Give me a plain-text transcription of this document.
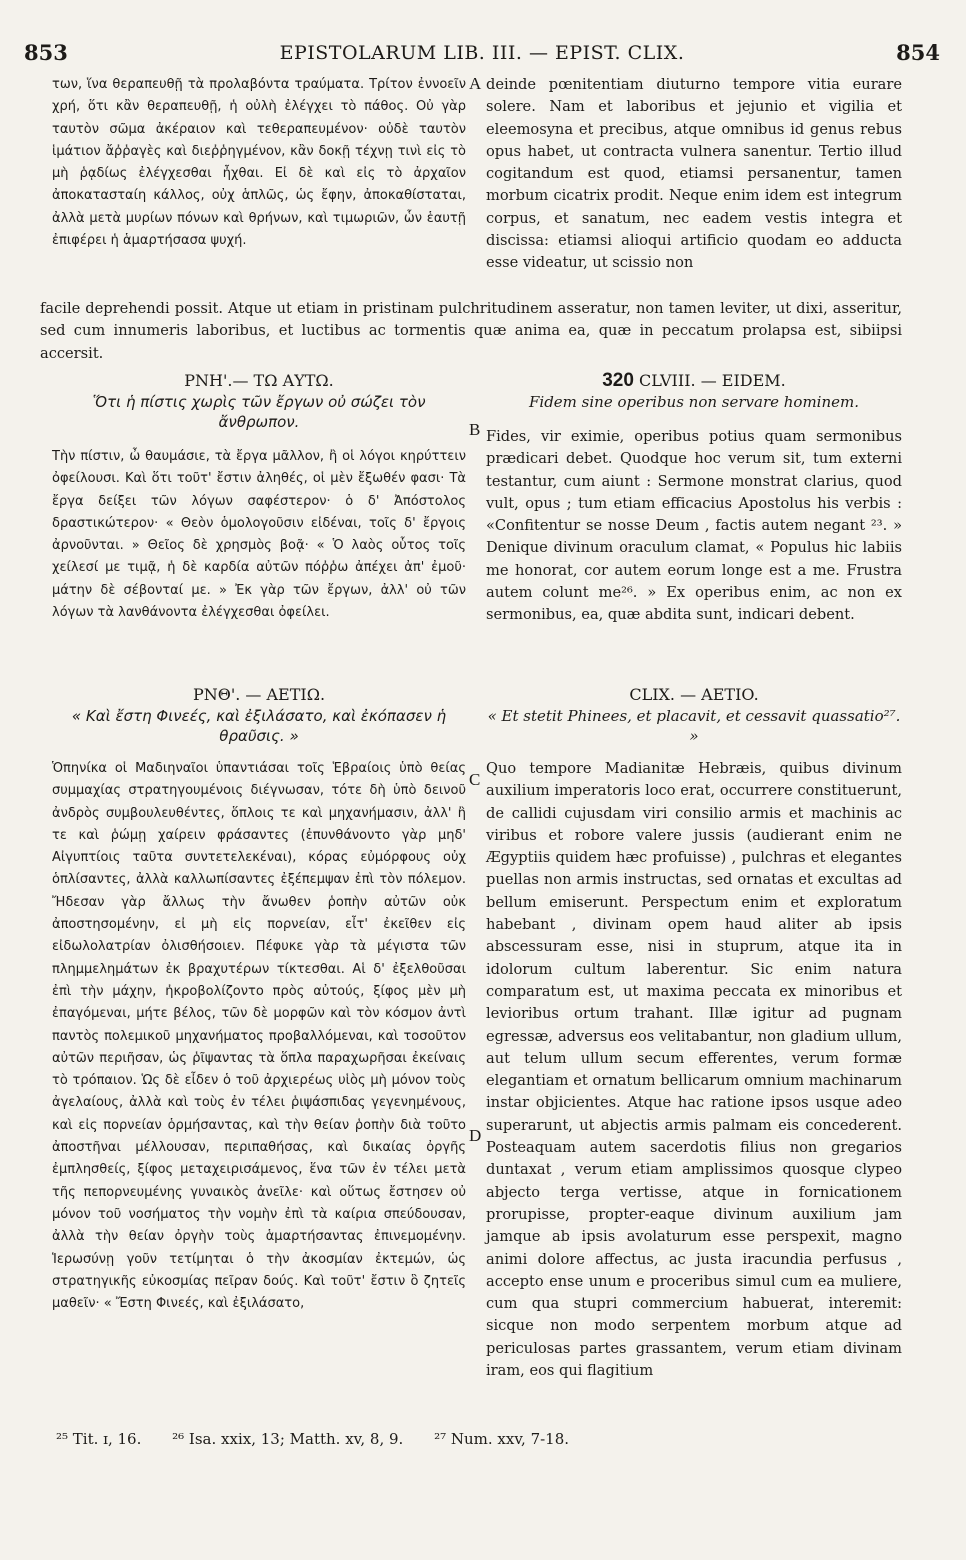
853	EPISTOLARUM LIB. III. — EPIST. CLIX.	854

των, ἵνα θεραπευθῇ τὰ προλαβόντα τραύματα. Τρίτον ἐννοεῖν χρή, ὅτι κἂν θεραπευθῇ, ἡ οὐλὴ ἐλέγχει τὸ πάθος. Οὐ γὰρ ταυτὸν σῶμα ἀκέραιον καὶ τεθεραπευμένον· οὐδὲ ταυτὸν ἱμάτιον ἄῤῥαγὲς καὶ διεῤῥηγμένον, κἂν δοκῇ τέχνῃ τινὶ εἰς τὸ μὴ ῥᾳδίως ἐλέγχεσθαι ἦχθαι. Εἰ δὲ καὶ εἰς τὸ ἀρχαῖον ἀποκατασταίη κάλλος, οὐχ ἁπλῶς, ὡς ἔφην, ἀποκαθίσταται, ἀλλὰ μετὰ μυρίων πόνων καὶ θρήνων, καὶ τιμωριῶν, ὧν ἑαυτῇ ἐπιφέρει ἡ ἁμαρτήσασα ψυχή.

A deinde pœnitentiam diuturno tempore vitia eurare solere. Nam et laboribus et jejunio et vigilia et eleemosyna et precibus, atque omnibus id genus rebus opus habet, ut contracta vulnera sanentur. Tertio illud cogitandum est quod, etiamsi persanentur, tamen morbum cicatrix prodit. Neque enim idem est integrum corpus, et sanatum, nec eadem vestis integra et discissa: etiamsi alioqui artificio quodam eo adducta esse videatur, ut scissio non

facile deprehendi possit. Atque ut etiam in pristinam pulchritudinem asseratur, non tamen leviter, ut dixi, asseritur, sed cum innumeris laboribus, et luctibus ac tormentis quæ anima ea, quæ in peccatum prolapsa est, sibiipsi accersit.

ΡΝΗ'.— ΤΩ ΑΥΤΩ.
Ὅτι ἡ πίστις χωρὶς τῶν ἔργων οὐ σώζει τὸν ἄνθρωπον.

Τὴν πίστιν, ὦ θαυμάσιε, τὰ ἔργα μᾶλλον, ἢ οἱ λόγοι κηρύττειν ὀφείλουσι. Καὶ ὅτι τοῦτ' ἔστιν ἀληθές, οἱ μὲν ἔξωθέν φασι· Τὰ ἔργα δείξει τῶν λόγων σαφέστερον· ὁ δ' Ἀπόστολος δραστικώτερον· « Θεὸν ὁμολογοῦσιν εἰδέναι, τοῖς δ' ἔργοις ἀρνοῦνται. » Θεῖος δὲ χρησμὸς βοᾷ· « Ὁ λαὸς οὗτος τοῖς χείλεσί με τιμᾷ, ἡ δὲ καρδία αὐτῶν πόῤῥω ἀπέχει ἀπ' ἐμοῦ· μάτην δὲ σέβονταί με. » Ἐκ γὰρ τῶν ἔργων, ἀλλ' οὐ τῶν λόγων τὰ λανθάνοντα ἐλέγχεσθαι ὀφείλει.

B
320 CLVIII. — EIDEM.
Fidem sine operibus non servare hominem.

Fides, vir eximie, operibus potius quam sermonibus prædicari debet. Quodque hoc verum sit, tum externi testantur, cum aiunt : Sermone monstrat clarius, quod vult, opus ; tum etiam efficacius Apostolus his verbis : «Confitentur se nosse Deum , factis autem negant ²³. » Denique divinum oraculum clamat, « Populus hic labiis me honorat, cor autem eorum longe est a me. Frustra autem colunt me²⁶. » Ex operibus enim, ac non ex sermonibus, ea, quæ abdita sunt, indicari debent.

ΡΝΘ'. — ΑΕΤΙΩ.
« Καὶ ἔστη Φινεές, καὶ ἐξιλάσατο, καὶ ἐκόπασεν ἡ θραῦσις. »

Ὁπηνίκα οἱ Μαδιηναῖοι ὑπαντιάσαι τοῖς Ἑβραίοις ὑπὸ θείας συμμαχίας στρατηγουμένοις διέγνωσαν, τότε δὴ ὑπὸ δεινοῦ ἀνδρὸς συμβουλευθέντες, ὅπλοις τε καὶ μηχανήμασιν, ἀλλ' ἢ τε καὶ ῥώμῃ χαίρειν φράσαντες (ἐπυνθάνοντο γὰρ μηδ' Αἰγυπτίοις ταῦτα συντετελεκέναι), κόρας εὐμόρφους οὐχ ὁπλίσαντες, ἀλλὰ καλλωπίσαντες ἐξέπεμψαν ἐπὶ τὸν πόλεμον. Ἤδεσαν γὰρ ἄλλως τὴν ἄνωθεν ῥοπὴν αὐτῶν οὐκ ἀποστησομένην, εἰ μὴ εἰς πορνείαν, εἶτ' ἐκεῖθεν εἰς εἰδωλολατρίαν ὀλισθήσοιεν. Πέφυκε γὰρ τὰ μέγιστα τῶν πλημμελημάτων ἐκ βραχυτέρων τίκτεσθαι. Αἱ δ' ἐξελθοῦσαι ἐπὶ τὴν μάχην, ἠκροβολίζοντο πρὸς αὐτούς, ξίφος μὲν μὴ ἐπαγόμεναι, μήτε βέλος, τῶν δὲ μορφῶν καὶ τὸν κόσμον ἀντὶ παντὸς πολεμικοῦ μηχανήματος προβαλλόμεναι, καὶ τοσοῦτον αὐτῶν περιῆσαν, ὡς ῥῖψαντας τὰ ὅπλα παραχωρῆσαι ἐκείναις τὸ τρόπαιον. Ὡς δὲ εἶδεν ὁ τοῦ ἀρχιερέως υἱὸς μὴ μόνον τοὺς ἀγελαίους, ἀλλὰ καὶ τοὺς ἐν τέλει ῥιψάσπιδας γεγενημένους, καὶ εἰς πορνείαν ὁρμήσαντας, καὶ τὴν θείαν ῥοπὴν διὰ τοῦτο ἀποστῆναι μέλλουσαν, περιπαθήσας, καὶ δικαίας ὀργῆς ἐμπλησθείς, ξίφος μεταχειρισάμενος, ἕνα τῶν ἐν τέλει μετὰ τῆς πεπορνευμένης γυναικὸς ἀνεῖλε· καὶ οὕτως ἔστησεν οὐ μόνον τοῦ νοσήματος τὴν νομὴν ἐπὶ τὰ καίρια σπεύδουσαν, ἀλλὰ τὴν θείαν ὀργὴν τοὺς ἁμαρτήσαντας ἐπινεμομένην. Ἱερωσύνῃ γοῦν τετίμηται ὁ τὴν ἀκοσμίαν ἐκτεμών, ὡς στρατηγικῆς εὐκοσμίας πεῖραν δούς. Καὶ τοῦτ' ἔστιν ὃ ζητεῖς μαθεῖν· « Ἔστη Φινεές, καὶ ἐξιλάσατο,

C
D
CLIX. — AETIO.
« Et stetit Phinees, et placavit, et cessavit quassatio²⁷. »

Quo tempore Madianitæ Hebræis, quibus divinum auxilium imperatoris loco erat, occurrere constituerunt, de callidi cujusdam viri consilio armis et machinis ac viribus et robore valere jussis (audierant enim ne Ægyptiis quidem hæc profuisse) , pulchras et elegantes puellas non armis instructas, sed ornatas et excultas ad bellum emiserunt. Perspectum enim et exploratum habebant , divinam opem haud aliter ab ipsis abscessuram esse, nisi in stuprum, atque ita in idolorum cultum laberentur. Sic enim natura comparatum est, ut maxima peccata ex minoribus et levioribus ortum trahant. Illæ igitur ad pugnam egressæ, adversus eos velitabantur, non gladium ullum, aut telum ullum secum efferentes, verum formæ elegantiam et ornatum bellicarum omnium machinarum instar objicientes. Atque hac ratione ipsos usque adeo superarunt, ut abjectis armis palmam eis concederent. Posteaquam autem sacerdotis filius non gregarios duntaxat , verum etiam amplissimos quosque clypeo abjecto terga vertisse, atque in fornicationem prorupisse, propter-eaque divinum auxilium jam jamque ab ipsis avolaturum esse perspexit, magno animi dolore affectus, ac justa iracundia perfusus , accepto ense unum e proceribus simul cum ea muliere, cum qua stupri commercium habuerat, interemit: sicque non modo serpentem morbum atque ad periculosas partes grassantem, verum etiam divinam iram, eos qui flagitium

²⁵ Tit. ɪ, 16. ²⁶ Isa. xxix, 13; Matth. xv, 8, 9. ²⁷ Num. xxv, 7-18.
